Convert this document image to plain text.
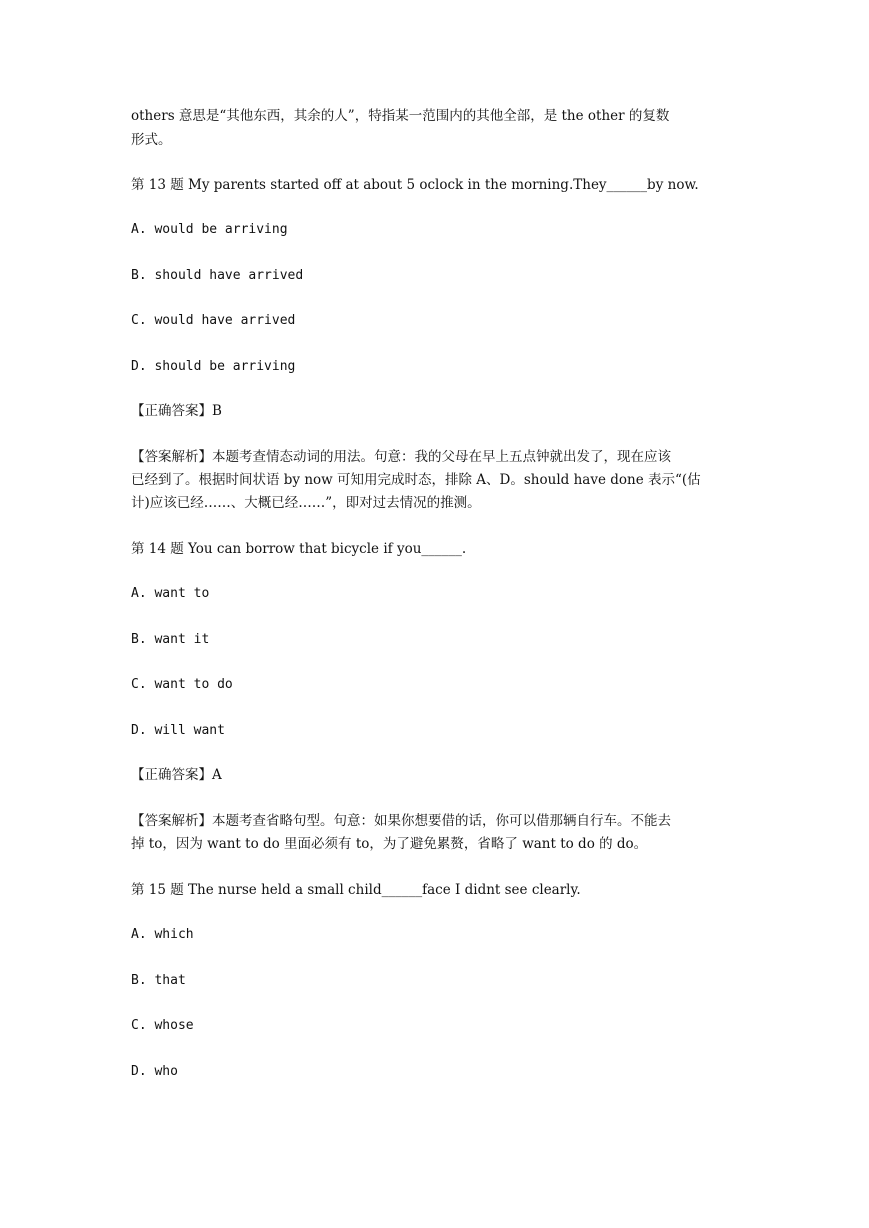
others 意思是“其他东西，其余的人”，特指某一范围内的其他全部，是 the other 的复数
形式。
第 13 题 My parents started off at about 5 oclock in the morning.They______by now.
A. would be arriving
B. should have arrived
C. would have arrived
D. should be arriving
【正确答案】B
【答案解析】本题考查情态动词的用法。句意：我的父母在早上五点钟就出发了，现在应该
已经到了。根据时间状语 by now 可知用完成时态，排除 A、D。should have done 表示“(估
计)应该已经……、大概已经……”，即对过去情况的推测。
第 14 题 You can borrow that bicycle if you______.
A. want to
B. want it
C. want to do
D. will want
【正确答案】A
【答案解析】本题考查省略句型。句意：如果你想要借的话，你可以借那辆自行车。不能去
掉 to，因为 want to do 里面必须有 to，为了避免累赘，省略了 want to do 的 do。
第 15 题 The nurse held a small child______face I didnt see clearly.
A. which
B. that
C. whose
D. who
